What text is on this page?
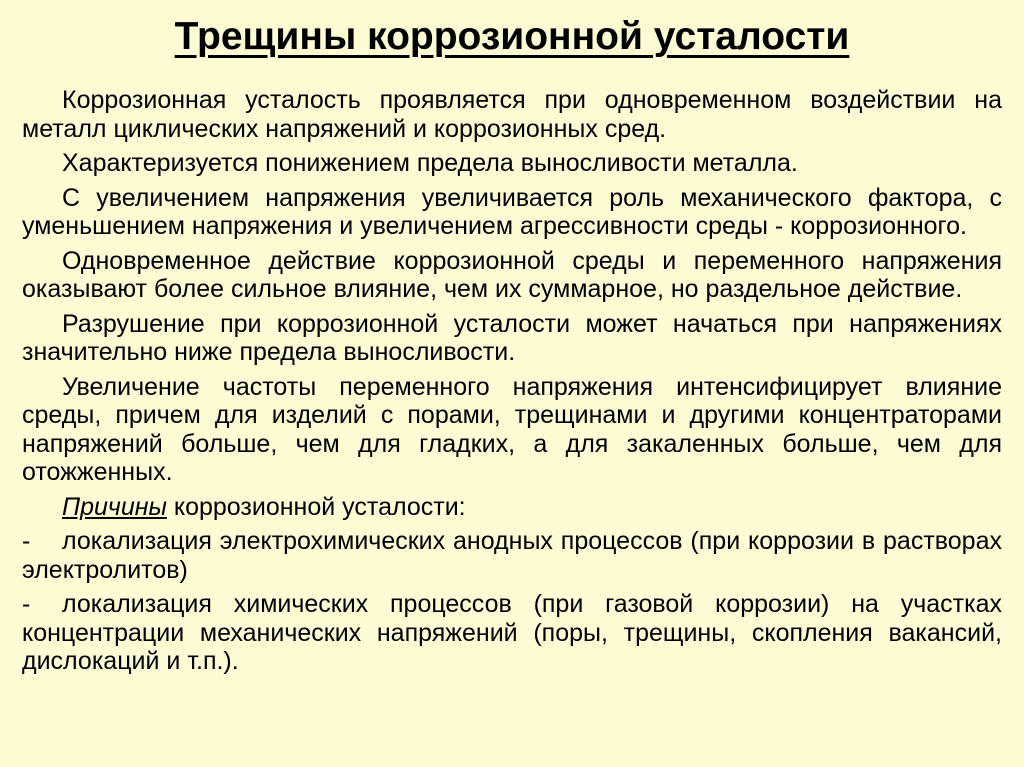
Трещины коррозионной усталости

Коррозионная усталость проявляется при одновременном воздействии на металл циклических напряжений и коррозионных сред.

Характеризуется понижением предела выносливости металла.

С увеличением напряжения увеличивается роль механического фактора, с уменьшением напряжения и увеличением агрессивности среды - коррозионного.

Одновременное действие коррозионной среды и переменного напряжения оказывают более сильное влияние, чем их суммарное, но раздельное действие.

Разрушение при коррозионной усталости может начаться при напряжениях значительно ниже предела выносливости.

Увеличение частоты переменного напряжения интенсифицирует влияние среды, причем для изделий с порами, трещинами и другими концентраторами напряжений больше, чем для гладких, а для закаленных больше, чем для отожженных.

Причины коррозионной усталости:

- локализация электрохимических анодных процессов (при коррозии в растворах электролитов)

- локализация химических процессов (при газовой коррозии) на участках концентрации механических напряжений (поры, трещины, скопления вакансий, дислокаций и т.п.).
